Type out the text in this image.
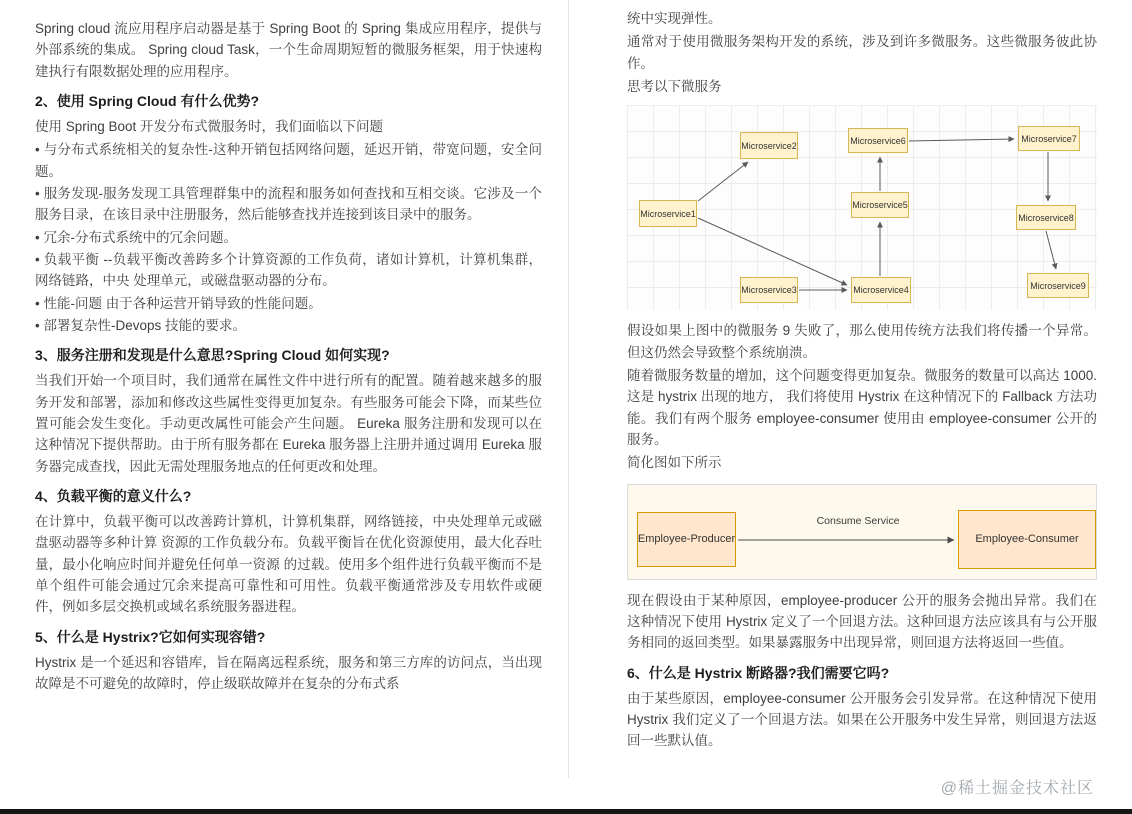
Spring cloud 流应用程序启动器是基于 Spring Boot 的 Spring 集成应用程序，提供与外部系统的集成。 Spring cloud Task，一个生命周期短暂的微服务框架，用于快速构建执行有限数据处理的应用程序。
2、使用 Spring Cloud 有什么优势?
使用 Spring Boot 开发分布式微服务时，我们面临以下问题
• 与分布式系统相关的复杂性-这种开销包括网络问题，延迟开销，带宽问题，安全问题。
• 服务发现-服务发现工具管理群集中的流程和服务如何查找和互相交谈。它涉及一个服务目录，在该目录中注册服务，然后能够查找并连接到该目录中的服务。
• 冗余-分布式系统中的冗余问题。
• 负载平衡 --负载平衡改善跨多个计算资源的工作负荷，诸如计算机，计算机集群，网络链路，中央 处理单元，或磁盘驱动器的分布。
• 性能-问题 由于各种运营开销导致的性能问题。
• 部署复杂性-Devops 技能的要求。
3、服务注册和发现是什么意思?Spring Cloud 如何实现?
当我们开始一个项目时，我们通常在属性文件中进行所有的配置。随着越来越多的服务开发和部署，添加和修改这些属性变得更加复杂。有些服务可能会下降，而某些位置可能会发生变化。手动更改属性可能会产生问题。 Eureka 服务注册和发现可以在这种情况下提供帮助。由于所有服务都在 Eureka 服务器上注册并通过调用 Eureka 服务器完成查找，因此无需处理服务地点的任何更改和处理。
4、负载平衡的意义什么?
在计算中，负载平衡可以改善跨计算机，计算机集群，网络链接，中央处理单元或磁盘驱动器等多种计算 资源的工作负载分布。负载平衡旨在优化资源使用，最大化吞吐量，最小化响应时间并避免任何单一资源 的过载。使用多个组件进行负载平衡而不是单个组件可能会通过冗余来提高可靠性和可用性。负载平衡通常涉及专用软件或硬件，例如多层交换机或域名系统服务器进程。
5、什么是 Hystrix?它如何实现容错?
Hystrix 是一个延迟和容错库，旨在隔离远程系统，服务和第三方库的访问点，当出现故障是不可避免的故障时，停止级联故障并在复杂的分布式系
统中实现弹性。
通常对于使用微服务架构开发的系统，涉及到许多微服务。这些微服务彼此协作。
思考以下微服务
Microservice1
Microservice2
Microservice3	Microservice4
Microservice5
Microservice6	Microservice7
Microservice8
Microservice9
假设如果上图中的微服务 9 失败了，那么使用传统方法我们将传播一个异常。但这仍然会导致整个系统崩溃。
随着微服务数量的增加，这个问题变得更加复杂。微服务的数量可以高达 1000.这是 hystrix 出现的地方， 我们将使用 Hystrix 在这种情况下的 Fallback 方法功能。我们有两个服务 employee-consumer 使用由 employee-consumer 公开的服务。
简化图如下所示
Employee-Producer	Employee-Consumer
Consume Service
现在假设由于某种原因，employee-producer 公开的服务会抛出异常。我们在这种情况下使用 Hystrix 定义了一个回退方法。这种回退方法应该具有与公开服务相同的返回类型。如果暴露服务中出现异常，则回退方法将返回一些值。
6、什么是 Hystrix 断路器?我们需要它吗?
由于某些原因，employee-consumer 公开服务会引发异常。在这种情况下使用 Hystrix 我们定义了一个回退方法。如果在公开服务中发生异常，则回退方法返回一些默认值。
@稀土掘金技术社区
